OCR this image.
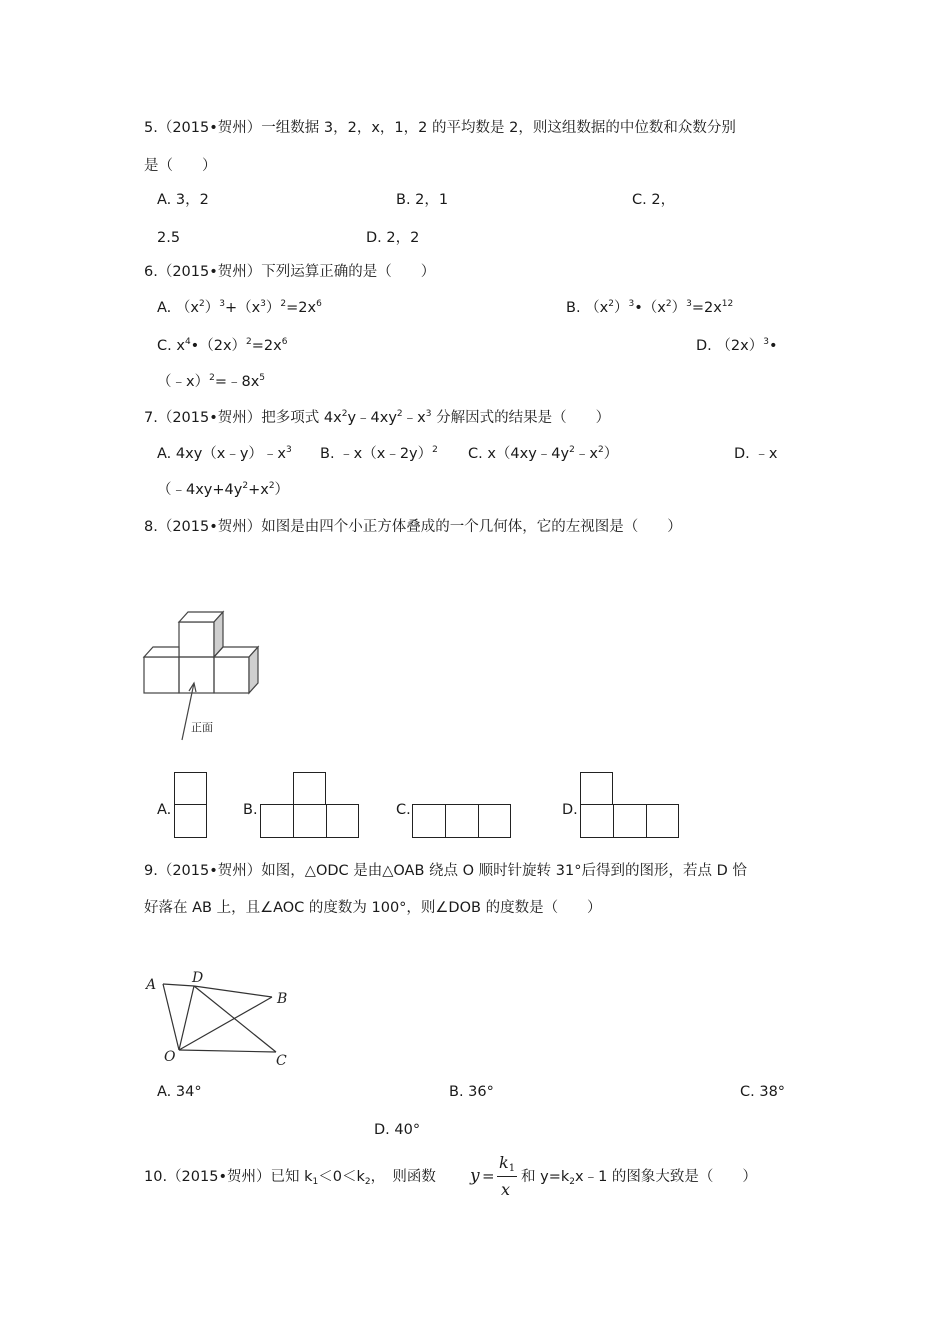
5.（2015•贺州）一组数据 3，2，x，1，2 的平均数是 2，则这组数据的中位数和众数分别
是（　　）
A. 3，2	B. 2，1	C. 2，
2.5	D. 2，2
6.（2015•贺州）下列运算正确的是（　　）
A. $(x^2)^3+(x^3)^2=2x^6$	B. $(x^2)^3•(x^2)^3=2x^{12}$
C. $x^4•(2x)^2=2x^6$	D. $(2x)^3•$
$(﹣x)^2=﹣8x^5$
7.（2015•贺州）把多项式 $4x^2y﹣4xy^2﹣x^3$ 分解因式的结果是（　　）
A. $4xy(x﹣y)﹣x^3$ B. ﹣x（x﹣2y）$^2$ C. $x(4xy﹣4y^2﹣x^2)$	D. ﹣x
$(﹣4xy+4y^2+x^2)$
8.（2015•贺州）如图是由四个小正方体叠成的一个几何体，它的左视图是（　　）
正面
A.	B.	C.	D.
9.（2015•贺州）如图，△ODC 是由△OAB 绕点 O 顺时针旋转 31°后得到的图形，若点 D 恰
好落在 AB 上，且∠AOC 的度数为 100°，则∠DOB 的度数是（　　）
A	D
B
O	C
A. 34°	B. 36°	C. 38°
D. 40°
10.（2015•贺州）已知 $k_1<0<k_2$，　则函数 y =
$k_1$
x
和 $y=k_2x﹣1$ 的图象大致是（　　）
